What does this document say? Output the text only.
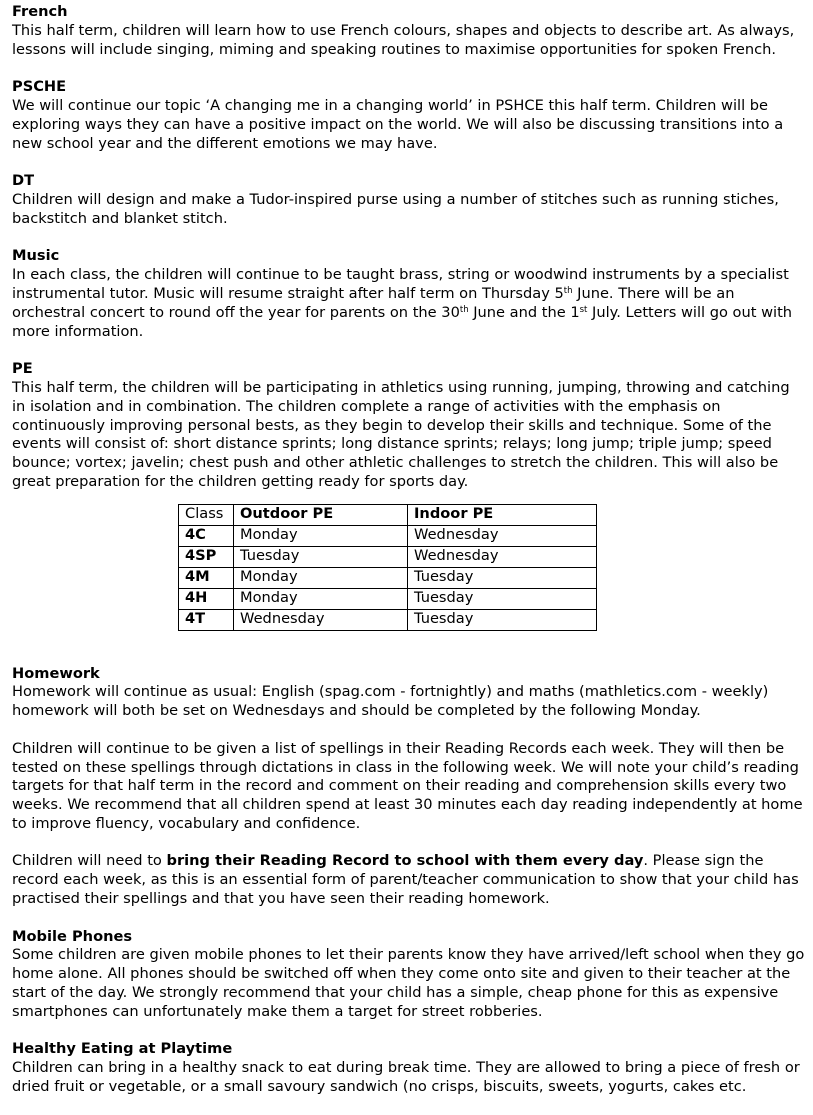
French

This half term, children will learn how to use French colours, shapes and objects to describe art. As always, lessons will include singing, miming and speaking routines to maximise opportunities for spoken French.

PSCHE

We will continue our topic ‘A changing me in a changing world’ in PSHCE this half term. Children will be exploring ways they can have a positive impact on the world. We will also be discussing transitions into a new school year and the different emotions we may have.

DT

Children will design and make a Tudor-inspired purse using a number of stitches such as running stiches, backstitch and blanket stitch.

Music

In each class, the children will continue to be taught brass, string or woodwind instruments by a specialist instrumental tutor. Music will resume straight after half term on Thursday 5th June. There will be an orchestral concert to round off the year for parents on the 30th June and the 1st July. Letters will go out with more information.

PE

This half term, the children will be participating in athletics using running, jumping, throwing and catching in isolation and in combination. The children complete a range of activities with the emphasis on continuously improving personal bests, as they begin to develop their skills and technique. Some of the events will consist of: short distance sprints; long distance sprints; relays; long jump; triple jump; speed bounce; vortex; javelin; chest push and other athletic challenges to stretch the children. This will also be great preparation for the children getting ready for sports day.

Class	Outdoor PE	Indoor PE
4C	Monday	Wednesday
4SP	Tuesday	Wednesday
4M	Monday	Tuesday
4H	Monday	Tuesday
4T	Wednesday	Tuesday
Homework

Homework will continue as usual: English (spag.com - fortnightly) and maths (mathletics.com - weekly) homework will both be set on Wednesdays and should be completed by the following Monday.

Children will continue to be given a list of spellings in their Reading Records each week. They will then be tested on these spellings through dictations in class in the following week. We will note your child’s reading targets for that half term in the record and comment on their reading and comprehension skills every two weeks. We recommend that all children spend at least 30 minutes each day reading independently at home to improve fluency, vocabulary and confidence.

Children will need to bring their Reading Record to school with them every day. Please sign the record each week, as this is an essential form of parent/teacher communication to show that your child has practised their spellings and that you have seen their reading homework.

Mobile Phones

Some children are given mobile phones to let their parents know they have arrived/left school when they go home alone. All phones should be switched off when they come onto site and given to their teacher at the start of the day. We strongly recommend that your child has a simple, cheap phone for this as expensive smartphones can unfortunately make them a target for street robberies.

Healthy Eating at Playtime

Children can bring in a healthy snack to eat during break time. They are allowed to bring a piece of fresh or dried fruit or vegetable, or a small savoury sandwich (no crisps, biscuits, sweets, yogurts, cakes etc.
